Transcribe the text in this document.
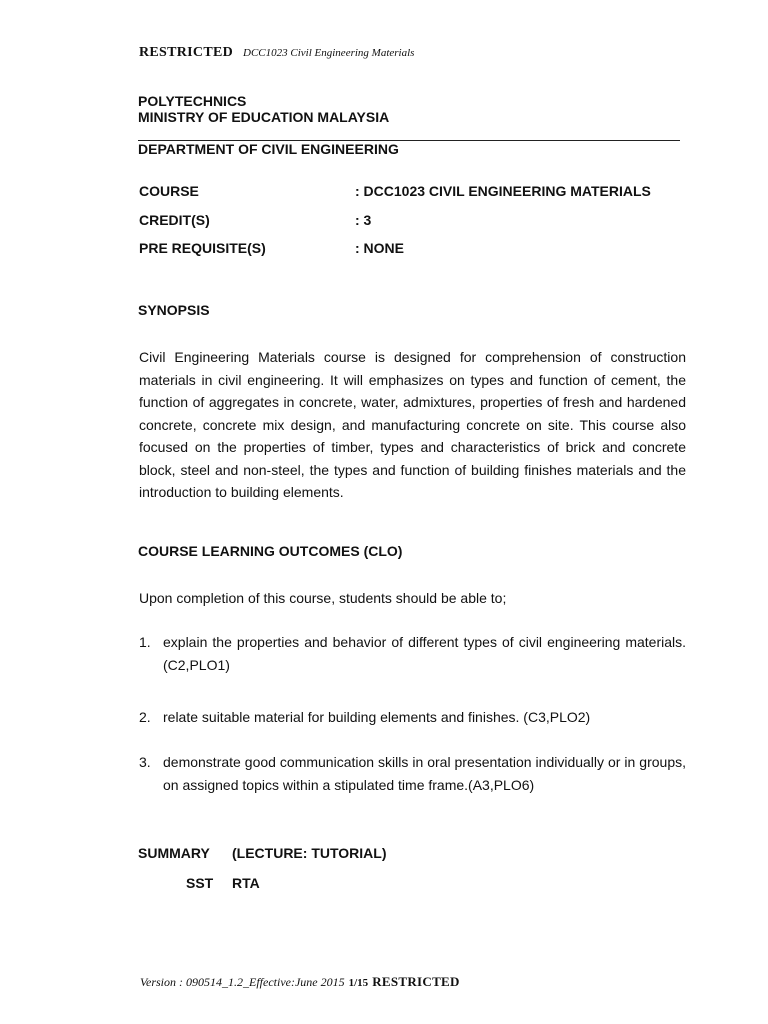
RESTRICTED DCC1023 Civil Engineering Materials
POLYTECHNICS
MINISTRY OF EDUCATION MALAYSIA
DEPARTMENT OF CIVIL ENGINEERING
COURSE	: DCC1023 CIVIL ENGINEERING MATERIALS
CREDIT(S)	: 3
PRE REQUISITE(S)	: NONE
SYNOPSIS
Civil Engineering Materials course is designed for comprehension of construction materials in civil engineering. It will emphasizes on types and function of cement, the function of aggregates in concrete, water, admixtures, properties of fresh and hardened concrete, concrete mix design, and manufacturing concrete on site. This course also focused on the properties of timber, types and characteristics of brick and concrete block, steel and non-steel, the types and function of building finishes materials and the introduction to building elements.
COURSE LEARNING OUTCOMES (CLO)
Upon completion of this course, students should be able to;
1. explain the properties and behavior of different types of civil engineering materials.(C2,PLO1)
2. relate suitable material for building elements and finishes. (C3,PLO2)
3. demonstrate good communication skills in oral presentation individually or in groups, on assigned topics within a stipulated time frame.(A3,PLO6)
SUMMARY (LECTURE: TUTORIAL)
SST RTA
Version : 090514_1.2_Effective:June 2015 1/15 RESTRICTED
